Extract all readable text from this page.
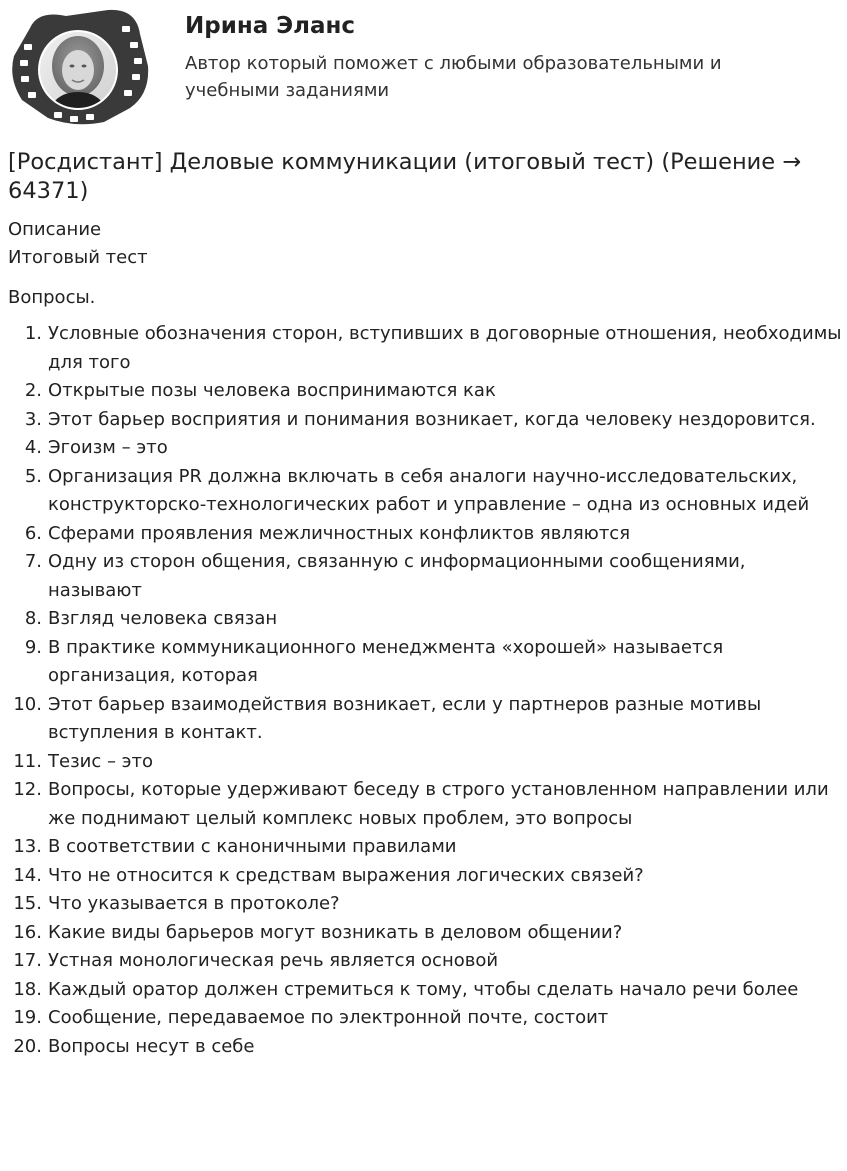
Ирина Эланс
Автор который поможет с любыми образовательными и учебными заданиями
[Росдистант] Деловые коммуникации (итоговый тест) (Решение → 64371)
Описание
Итоговый тест
Вопросы.
1. Условные обозначения сторон, вступивших в договорные отношения, необходимы для того
2. Открытые позы человека воспринимаются как
3. Этот барьер восприятия и понимания возникает, когда человеку нездоровится.
4. Эгоизм – это
5. Организация PR должна включать в себя аналоги научно-исследовательских, конструкторско-технологических работ и управление – одна из основных идей
6. Сферами проявления межличностных конфликтов являются
7. Одну из сторон общения, связанную с информационными сообщениями, называют
8. Взгляд человека связан
9. В практике коммуникационного менеджмента «хорошей» называется организация, которая
10. Этот барьер взаимодействия возникает, если у партнеров разные мотивы вступления в контакт.
11. Тезис – это
12. Вопросы, которые удерживают беседу в строго установленном направлении или же поднимают целый комплекс новых проблем, это вопросы
13. В соответствии с каноничными правилами
14. Что не относится к средствам выражения логических связей?
15. Что указывается в протоколе?
16. Какие виды барьеров могут возникать в деловом общении?
17. Устная монологическая речь является основой
18. Каждый оратор должен стремиться к тому, чтобы сделать начало речи более
19. Сообщение, передаваемое по электронной почте, состоит
20. Вопросы несут в себе
